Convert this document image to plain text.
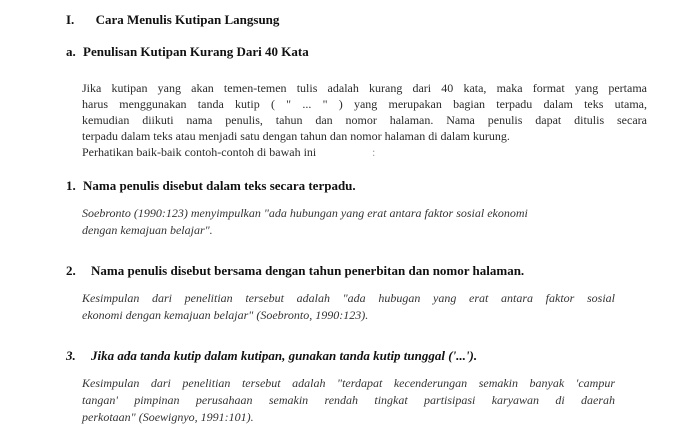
I. Cara Menulis Kutipan Langsung
a. Penulisan Kutipan Kurang Dari 40 Kata
Jika kutipan yang akan temen-temen tulis adalah kurang dari 40 kata, maka format yang pertama
harus menggunakan tanda kutip ( " ... " ) yang merupakan bagian terpadu dalam teks utama,
kemudian diikuti nama penulis, tahun dan nomor halaman. Nama penulis dapat ditulis secara
terpadu dalam teks atau menjadi satu dengan tahun dan nomor halaman di dalam kurung.
Perhatikan baik-baik contoh-contoh di bawah ini	:
1. Nama penulis disebut dalam teks secara terpadu.
Soebronto (1990:123) menyimpulkan "ada hubungan yang erat antara faktor sosial ekonomi
dengan kemajuan belajar".
2. Nama penulis disebut bersama dengan tahun penerbitan dan nomor halaman.
Kesimpulan dari penelitian tersebut adalah "ada hubugan yang erat antara faktor sosial
ekonomi dengan kemajuan belajar" (Soebronto, 1990:123).
3. Jika ada tanda kutip dalam kutipan, gunakan tanda kutip tunggal ('...').
Kesimpulan dari penelitian tersebut adalah "terdapat kecenderungan semakin banyak 'campur
tangan' pimpinan perusahaan semakin rendah tingkat partisipasi karyawan di daerah
perkotaan" (Soewignyo, 1991:101).
